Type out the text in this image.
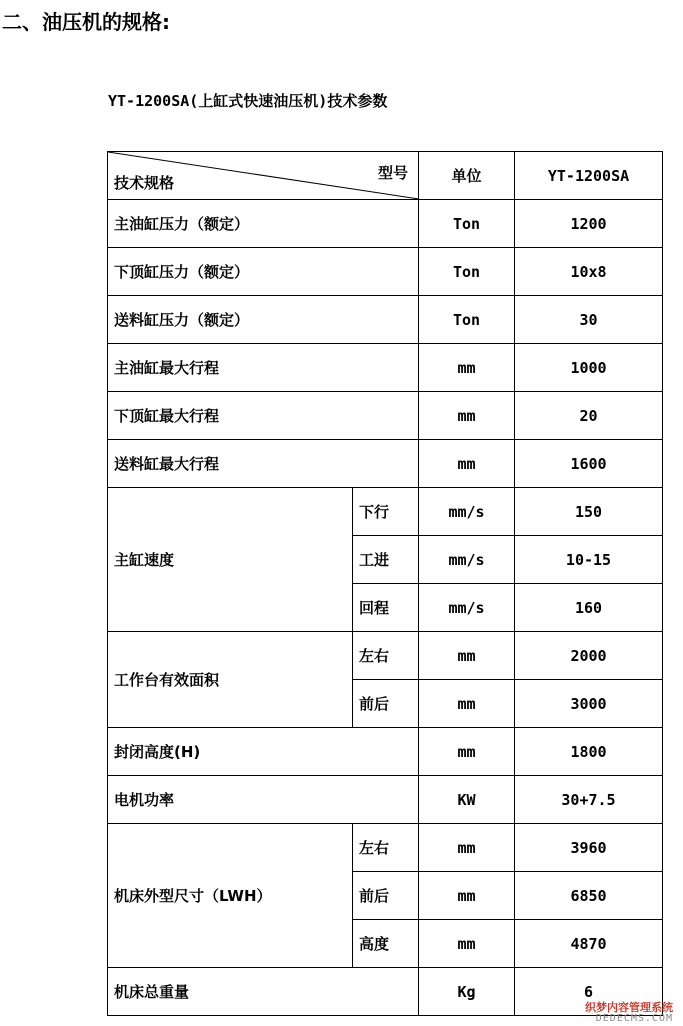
二、油压机的规格:
YT-1200SA(上缸式快速油压机)技术参数
型号
技术规格		单位	YT-1200SA
主油缸压力（额定）		Ton	1200
下顶缸压力（额定）		Ton	10x8
送料缸压力（额定）		Ton	30
主油缸最大行程		mm	1000
下顶缸最大行程		mm	20
送料缸最大行程		mm	1600
主缸速度	下行	mm/s	150
	工进	mm/s	10-15
	回程	mm/s	160
工作台有效面积	左右	mm	2000
	前后	mm	3000
封闭高度(H)		mm	1800
电机功率		KW	30+7.5
机床外型尺寸（LWH）	左右	mm	3960
	前后	mm	6850
	高度	mm	4870
机床总重量		Kg	6
织梦内容管理系统
DEDECMS.COM
